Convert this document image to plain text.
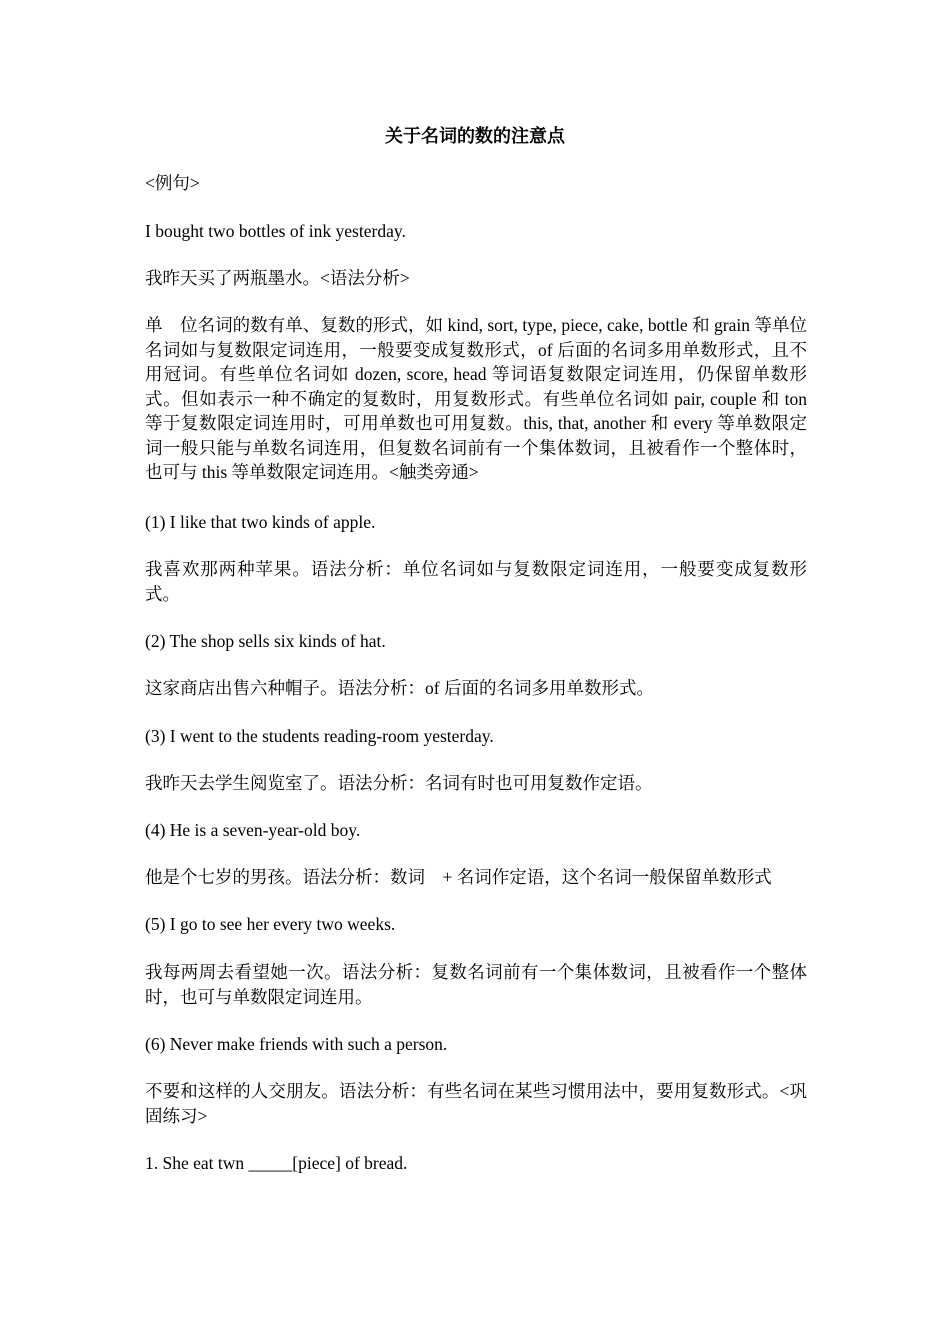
关于名词的数的注意点

<例句>

I bought two bottles of ink yesterday.

我昨天买了两瓶墨水。<语法分析>

单　位名词的数有单、复数的形式，如 kind, sort, type, piece, cake, bottle 和 grain 等单位名词如与复数限定词连用，一般要变成复数形式，of 后面的名词多用单数形式，且不用冠词。有些单位名词如 dozen, score, head 等词语复数限定词连用，仍保留单数形式。但如表示一种不确定的复数时，用复数形式。有些单位名词如 pair, couple 和 ton 等于复数限定词连用时，可用单数也可用复数。this, that, another 和 every 等单数限定词一般只能与单数名词连用，但复数名词前有一个集体数词，且被看作一个整体时，也可与 this 等单数限定词连用。<触类旁通>

(1) I like that two kinds of apple.

我喜欢那两种苹果。语法分析：单位名词如与复数限定词连用，一般要变成复数形式。

(2) The shop sells six kinds of hat.

这家商店出售六种帽子。语法分析：of 后面的名词多用单数形式。

(3) I went to the students reading-room yesterday.

我昨天去学生阅览室了。语法分析：名词有时也可用复数作定语。

(4) He is a seven-year-old boy.

他是个七岁的男孩。语法分析：数词　+ 名词作定语，这个名词一般保留单数形式

(5) I go to see her every two weeks.

我每两周去看望她一次。语法分析：复数名词前有一个集体数词，且被看作一个整体时，也可与单数限定词连用。

(6) Never make friends with such a person.

不要和这样的人交朋友。语法分析：有些名词在某些习惯用法中，要用复数形式。<巩固练习>

1. She eat twn _____[piece] of bread.
